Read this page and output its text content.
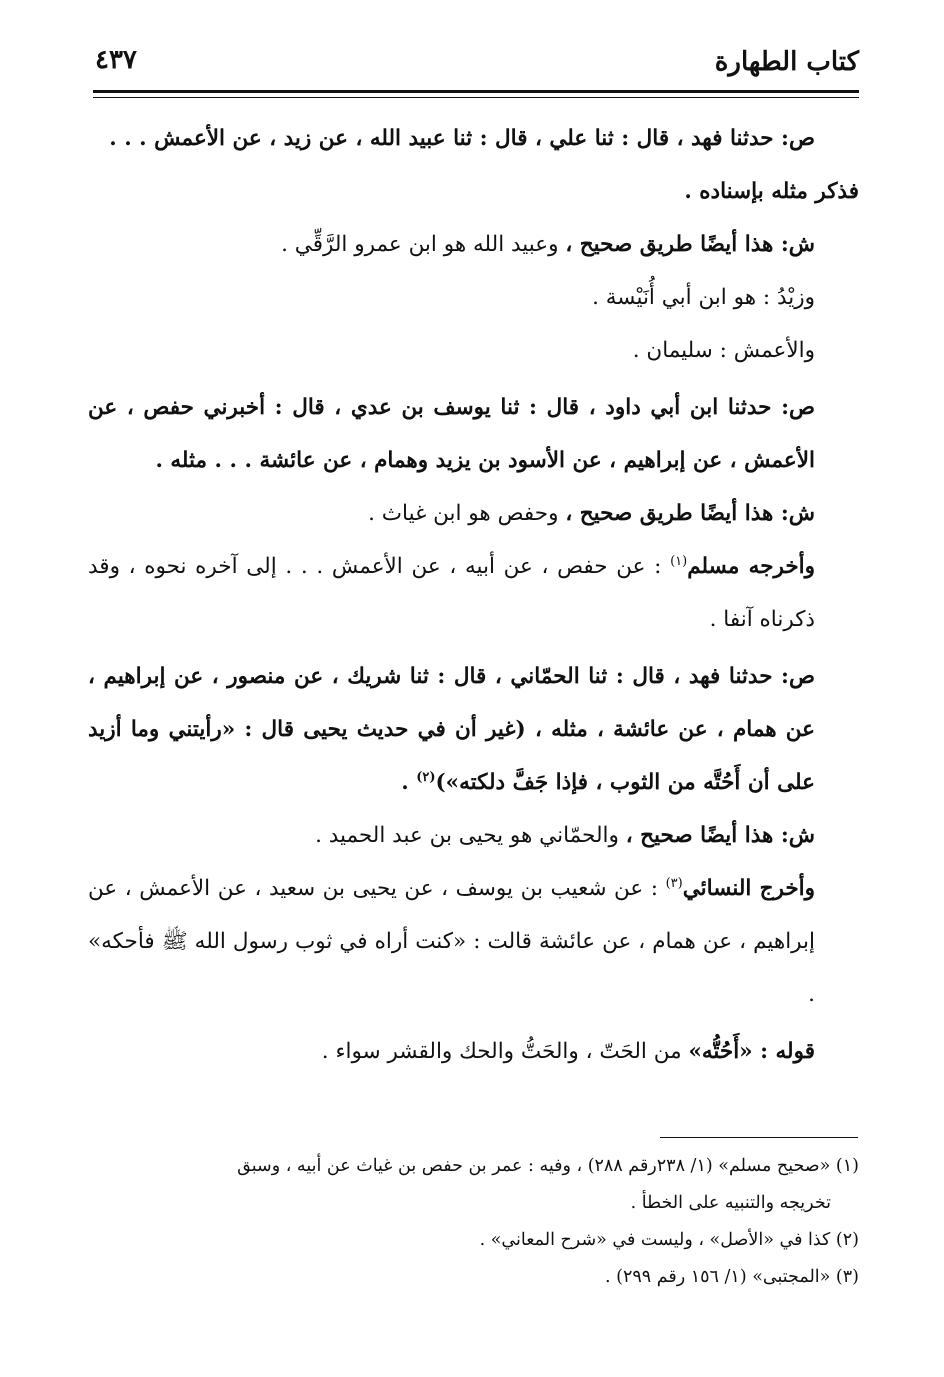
كتاب الطهارة
٤٣٧

ص: حدثنا فهد ، قال : ثنا علي ، قال : ثنا عبيد الله ، عن زيد ، عن الأعمش . . .

فذكر مثله بإسناده .

ش: هذا أيضًا طريق صحيح ، وعبيد الله هو ابن عمرو الرَّقِّي .

وزيْدُ : هو ابن أبي أُنَيْسة .

والأعمش : سليمان .

ص: حدثنا ابن أبي داود ، قال : ثنا يوسف بن عدي ، قال : أخبرني حفص ، عن الأعمش ، عن إبراهيم ، عن الأسود بن يزيد وهمام ، عن عائشة . . . مثله .

ش: هذا أيضًا طريق صحيح ، وحفص هو ابن غياث .

وأخرجه مسلم$^{(١)}$ : عن حفص ، عن أبيه ، عن الأعمش . . . إلى آخره نحوه ، وقد ذكرناه آنفا .

ص: حدثنا فهد ، قال : ثنا الحمّاني ، قال : ثنا شريك ، عن منصور ، عن إبراهيم ، عن همام ، عن عائشة ، مثله ، (غير أن في حديث يحيى قال : «رأيتني وما أزيد على أن أَحُتَّه من الثوب ، فإذا جَفَّ دلكته»)$^{(٢)}$ .

ش: هذا أيضًا صحيح ، والحمّاني هو يحيى بن عبد الحميد .

وأخرج النسائي$^{(٣)}$ : عن شعيب بن يوسف ، عن يحيى بن سعيد ، عن الأعمش ، عن إبراهيم ، عن همام ، عن عائشة قالت : «كنت أراه في ثوب رسول الله ﷺ فأحكه» .

قوله : «أَحُتُّه» من الحَتّ ، والحَتُّ والحك والقشر سواء .

(١) «صحيح مسلم» (١/ ٢٣٨رقم ٢٨٨) ، وفيه : عمر بن حفص بن غياث عن أبيه ، وسبق

تخريجه والتنبيه على الخطأ .

(٢) كذا في «الأصل» ، وليست في «شرح المعاني» .

(٣) «المجتبى» (١/ ١٥٦ رقم ٢٩٩) .
